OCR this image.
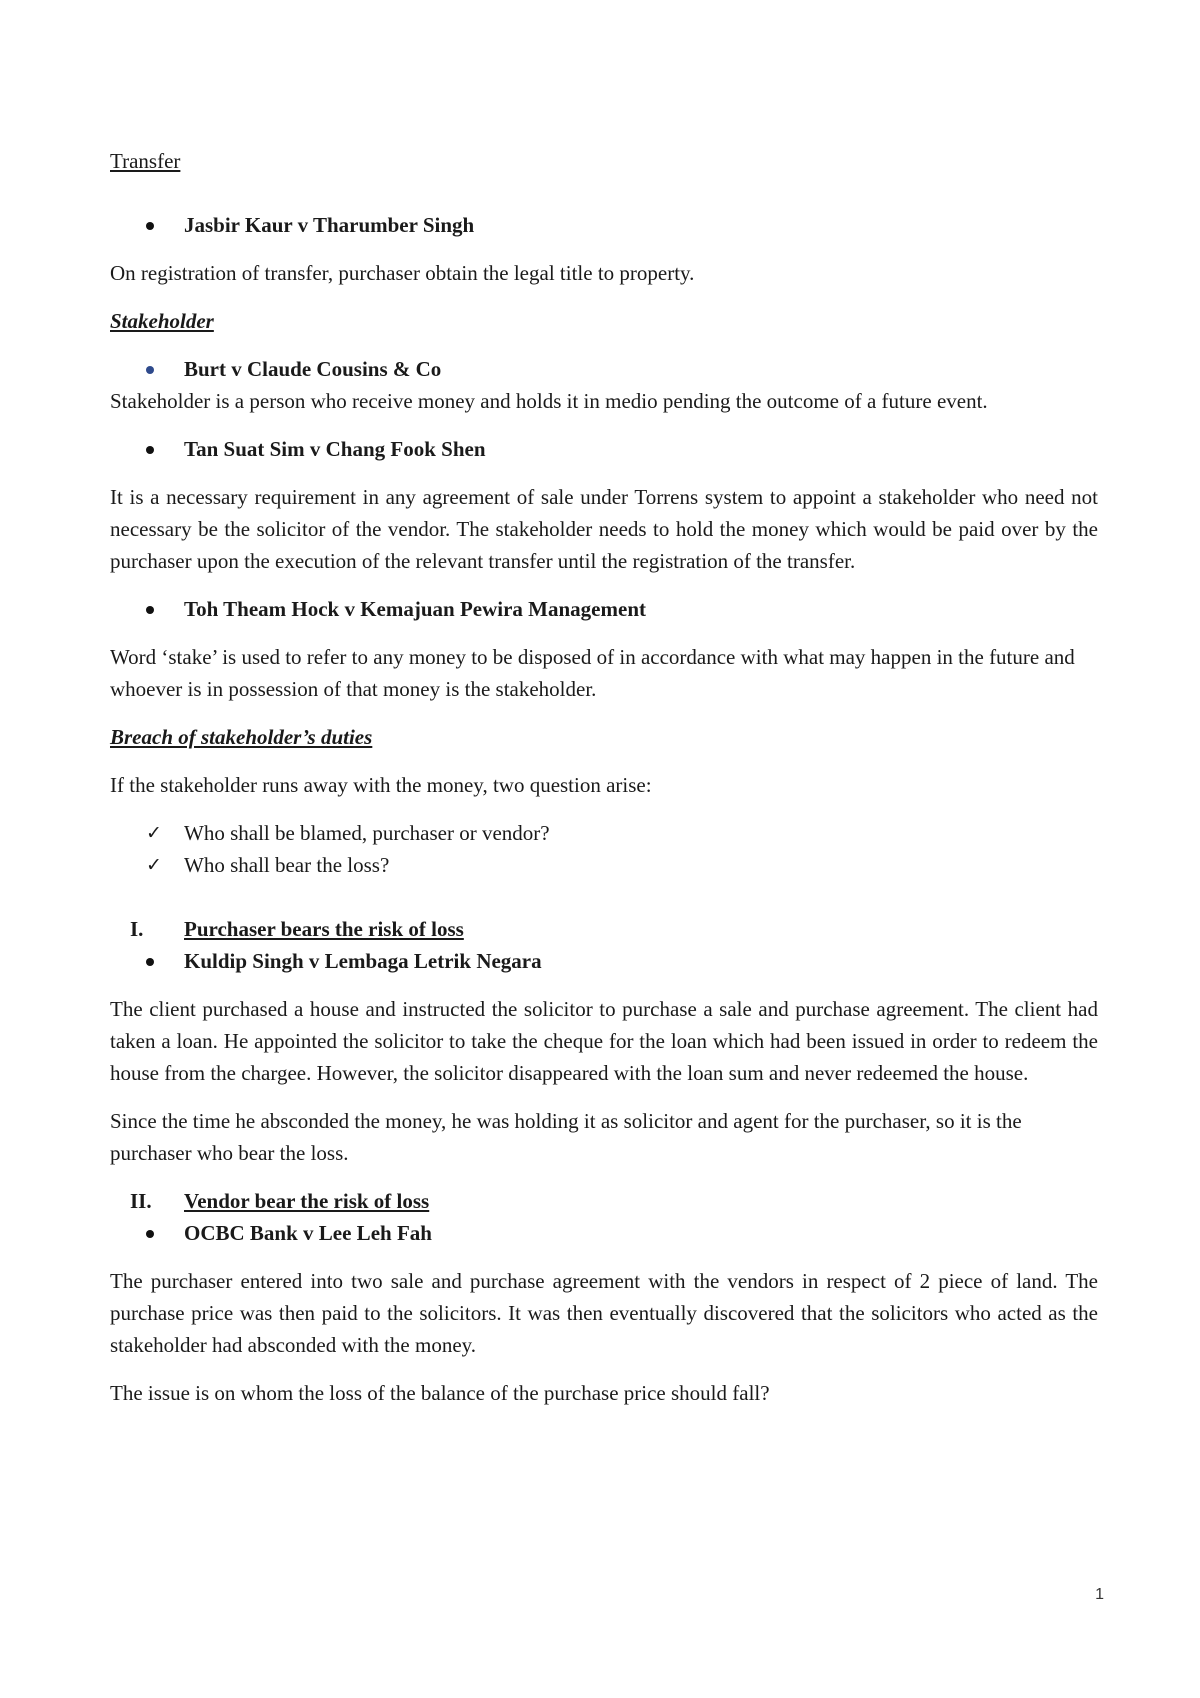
Transfer
Jasbir Kaur v Tharumber Singh

On registration of transfer, purchaser obtain the legal title to property.

Stakeholder
Burt v Claude Cousins & Co

Stakeholder is a person who receive money and holds it in medio pending the outcome of a future event.

Tan Suat Sim v Chang Fook Shen

It is a necessary requirement in any agreement of sale under Torrens system to appoint a stakeholder who need not necessary be the solicitor of the vendor. The stakeholder needs to hold the money which would be paid over by the purchaser upon the execution of the relevant transfer until the registration of the transfer.

Toh Theam Hock v Kemajuan Pewira Management

Word ‘stake’ is used to refer to any money to be disposed of in accordance with what may happen in the future and whoever is in possession of that money is the stakeholder.

Breach of stakeholder’s duties

If the stakeholder runs away with the money, two question arise:

✓ Who shall be blamed, purchaser or vendor?
✓ Who shall bear the loss?
I. Purchaser bears the risk of loss
Kuldip Singh v Lembaga Letrik Negara

The client purchased a house and instructed the solicitor to purchase a sale and purchase agreement. The client had taken a loan. He appointed the solicitor to take the cheque for the loan which had been issued in order to redeem the house from the chargee. However, the solicitor disappeared with the loan sum and never redeemed the house.

Since the time he absconded the money, he was holding it as solicitor and agent for the purchaser, so it is the purchaser who bear the loss.

II. Vendor bear the risk of loss
OCBC Bank v Lee Leh Fah

The purchaser entered into two sale and purchase agreement with the vendors in respect of 2 piece of land. The purchase price was then paid to the solicitors. It was then eventually discovered that the solicitors who acted as the stakeholder had absconded with the money.

The issue is on whom the loss of the balance of the purchase price should fall?

1
